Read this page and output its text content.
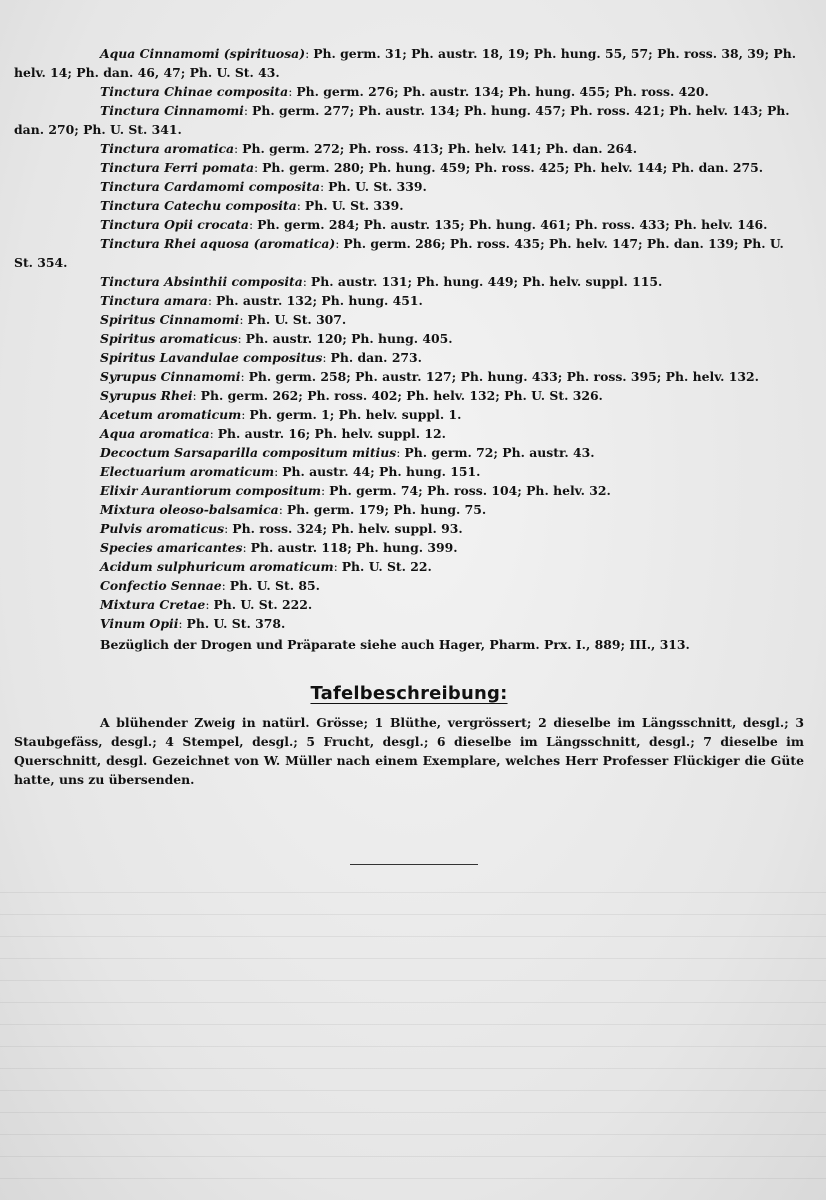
Aqua Cinnamomi (spirituosa): Ph. germ. 31; Ph. austr. 18, 19; Ph. hung. 55, 57; Ph. ross. 38, 39; Ph. helv. 14; Ph. dan. 46, 47; Ph. U. St. 43.
Tinctura Chinae composita: Ph. germ. 276; Ph. austr. 134; Ph. hung. 455; Ph. ross. 420.
Tinctura Cinnamomi: Ph. germ. 277; Ph. austr. 134; Ph. hung. 457; Ph. ross. 421; Ph. helv. 143; Ph. dan. 270; Ph. U. St. 341.
Tinctura aromatica: Ph. germ. 272; Ph. ross. 413; Ph. helv. 141; Ph. dan. 264.
Tinctura Ferri pomata: Ph. germ. 280; Ph. hung. 459; Ph. ross. 425; Ph. helv. 144; Ph. dan. 275.
Tinctura Cardamomi composita: Ph. U. St. 339.
Tinctura Catechu composita: Ph. U. St. 339.
Tinctura Opii crocata: Ph. germ. 284; Ph. austr. 135; Ph. hung. 461; Ph. ross. 433; Ph. helv. 146.
Tinctura Rhei aquosa (aromatica): Ph. germ. 286; Ph. ross. 435; Ph. helv. 147; Ph. dan. 139; Ph. U. St. 354.
Tinctura Absinthii composita: Ph. austr. 131; Ph. hung. 449; Ph. helv. suppl. 115.
Tinctura amara: Ph. austr. 132; Ph. hung. 451.
Spiritus Cinnamomi: Ph. U. St. 307.
Spiritus aromaticus: Ph. austr. 120; Ph. hung. 405.
Spiritus Lavandulae compositus: Ph. dan. 273.
Syrupus Cinnamomi: Ph. germ. 258; Ph. austr. 127; Ph. hung. 433; Ph. ross. 395; Ph. helv. 132.
Syrupus Rhei: Ph. germ. 262; Ph. ross. 402; Ph. helv. 132; Ph. U. St. 326.
Acetum aromaticum: Ph. germ. 1; Ph. helv. suppl. 1.
Aqua aromatica: Ph. austr. 16; Ph. helv. suppl. 12.
Decoctum Sarsaparilla compositum mitius: Ph. germ. 72; Ph. austr. 43.
Electuarium aromaticum: Ph. austr. 44; Ph. hung. 151.
Elixir Aurantiorum compositum: Ph. germ. 74; Ph. ross. 104; Ph. helv. 32.
Mixtura oleoso-balsamica: Ph. germ. 179; Ph. hung. 75.
Pulvis aromaticus: Ph. ross. 324; Ph. helv. suppl. 93.
Species amaricantes: Ph. austr. 118; Ph. hung. 399.
Acidum sulphuricum aromaticum: Ph. U. St. 22.
Confectio Sennae: Ph. U. St. 85.
Mixtura Cretae: Ph. U. St. 222.
Vinum Opii: Ph. U. St. 378.
Bezüglich der Drogen und Präparate siehe auch Hager, Pharm. Prx. I., 889; III., 313.
Tafelbeschreibung:
A blühender Zweig in natürl. Grösse; 1 Blüthe, vergrössert; 2 dieselbe im Längsschnitt, desgl.; 3 Staubgefäss, desgl.; 4 Stempel, desgl.; 5 Frucht, desgl.; 6 dieselbe im Längsschnitt, desgl.; 7 dieselbe im Querschnitt, desgl. Gezeichnet von W. Müller nach einem Exemplare, welches Herr Professer Flückiger die Güte hatte, uns zu übersenden.
